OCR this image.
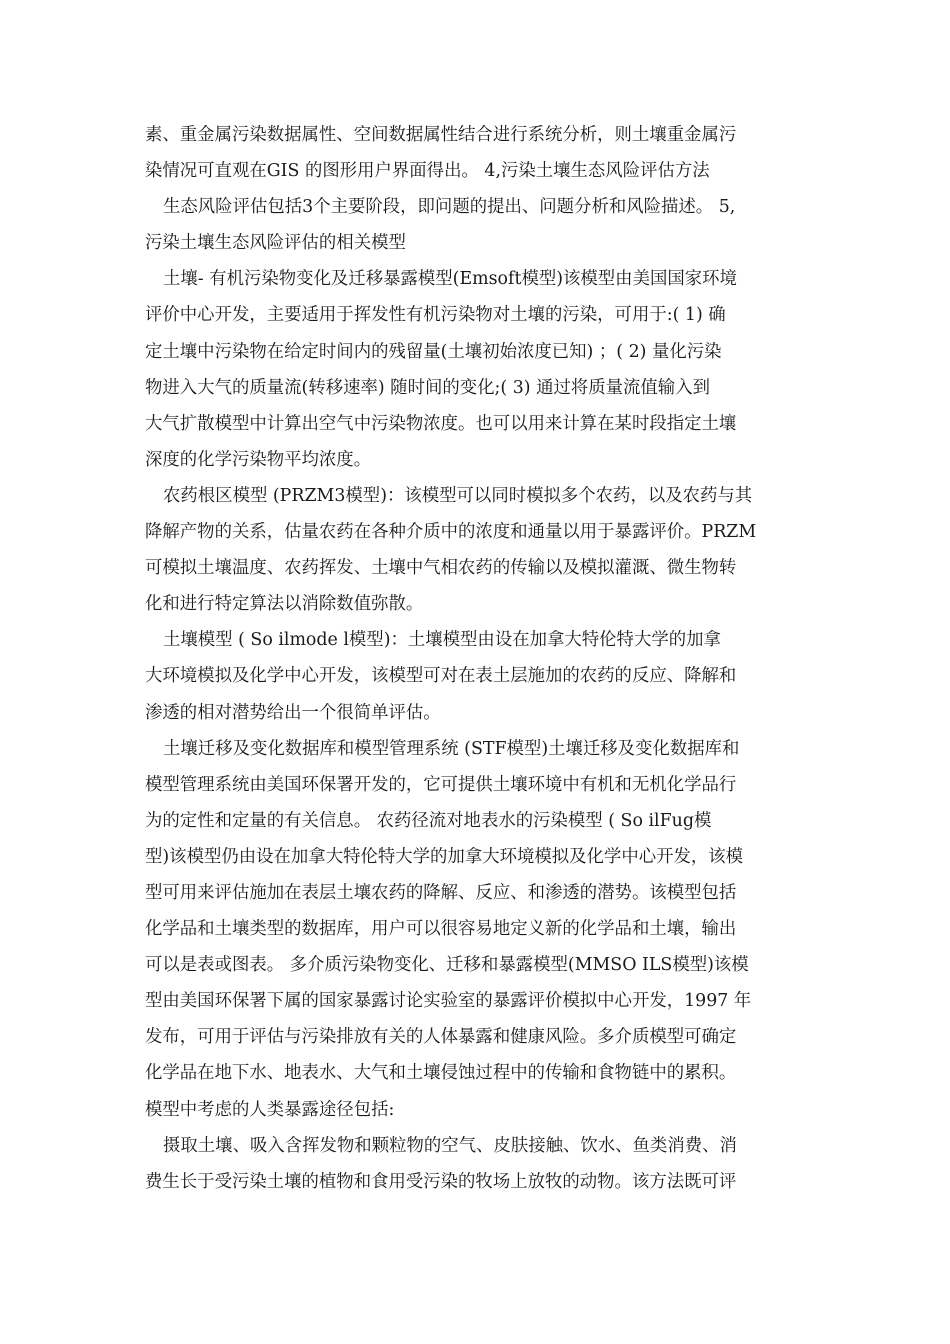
素、重金属污染数据属性、空间数据属性结合进行系统分析，则土壤重金属污
染情况可直观在GIS 的图形用户界面得出。 4,污染土壤生态风险评估方法
生态风险评估包括3个主要阶段，即问题的提出、问题分析和风险描述。 5,
污染土壤生态风险评估的相关模型
土壤- 有机污染物变化及迁移暴露模型(Emsoft模型)该模型由美国国家环境
评价中心开发，主要适用于挥发性有机污染物对土壤的污染，可用于:( 1) 确
定土壤中污染物在给定时间内的残留量(土壤初始浓度已知) ；( 2) 量化污染
物进入大气的质量流(转移速率) 随时间的变化;( 3) 通过将质量流值输入到
大气扩散模型中计算出空气中污染物浓度。也可以用来计算在某时段指定土壤
深度的化学污染物平均浓度。
农药根区模型 (PRZM3模型)：该模型可以同时模拟多个农药，以及农药与其
降解产物的关系，估量农药在各种介质中的浓度和通量以用于暴露评价。PRZM
可模拟土壤温度、农药挥发、土壤中气相农药的传输以及模拟灌溉、微生物转
化和进行特定算法以消除数值弥散。
土壤模型 ( So ilmode l模型)：土壤模型由设在加拿大特伦特大学的加拿
大环境模拟及化学中心开发，该模型可对在表土层施加的农药的反应、降解和
渗透的相对潜势给出一个很简单评估。
土壤迁移及变化数据库和模型管理系统 (STF模型)土壤迁移及变化数据库和
模型管理系统由美国环保署开发的，它可提供土壤环境中有机和无机化学品行
为的定性和定量的有关信息。 农药径流对地表水的污染模型 ( So ilFug模
型)该模型仍由设在加拿大特伦特大学的加拿大环境模拟及化学中心开发，该模
型可用来评估施加在表层土壤农药的降解、反应、和渗透的潜势。该模型包括
化学品和土壤类型的数据库，用户可以很容易地定义新的化学品和土壤，输出
可以是表或图表。 多介质污染物变化、迁移和暴露模型(MMSO ILS模型)该模
型由美国环保署下属的国家暴露讨论实验室的暴露评价模拟中心开发，1997 年
发布，可用于评估与污染排放有关的人体暴露和健康风险。多介质模型可确定
化学品在地下水、地表水、大气和土壤侵蚀过程中的传输和食物链中的累积。
模型中考虑的人类暴露途径包括:
摄取土壤、吸入含挥发物和颗粒物的空气、皮肤接触、饮水、鱼类消费、消
费生长于受污染土壤的植物和食用受污染的牧场上放牧的动物。该方法既可评
